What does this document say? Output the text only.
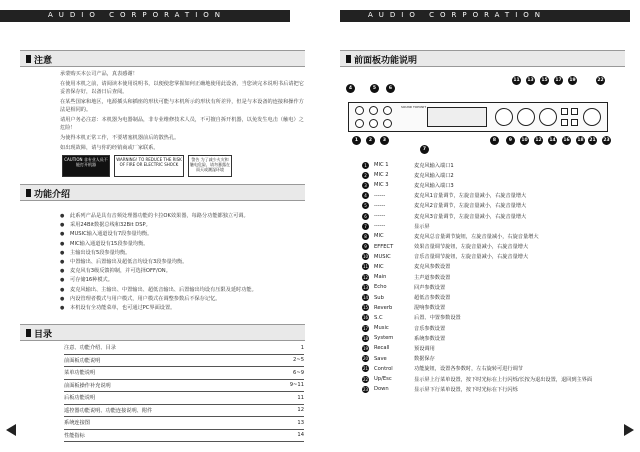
AUDIO CORPORATION
注意

承蒙购买本公司产品，真表感谢！

在使用本机之前，请阅读本使用说明书，以便使您掌握如何正确地使用此设备，当您读完本说明书后请把它妥善保存好，以备日后查阅。

在某些国家和地区，电源插头和插座的形状可能与本机所示的形状有所差异，但是与本设备的连接和操作方法是相同的。

请用户务必注意：本机器为电器制品，非专业维修技术人员，不可擅自拆开机器，以免发生电击（触电）之危险！

为使得本机正常工作，不要堵塞机器前后的散热孔。

如出现故障，请与你的经销商或厂家联系。

CAUTION 非专业人员不能打开机器
WARNING! TO REDUCE THE RISK OF FIRE OR ELECTRIC SHOCK
警告 为了减少火灾和触电危险，请勿暴露在雨天或潮湿环境
功能介绍
● 此系列产品是具有音频处理器功能的卡拉OK效果器，每路分功能都独立可调。
● 采用24Bit数据总线和32Bit DSP。
● MUSIC输入通道设有7段参量均衡。
● MIC输入通道设有15段参量均衡。
● 主输出设有5段参量均衡。
● 中置输出、后置输出及超低音均设有3段参量均衡。
● 麦克风有3级反馈抑制，并可选择OFF/ON。
● 可存储16种模式。
● 麦克风输出、主输出、中置输出、超低音输出、后置输出均设有压限及延时功能。
● 内设管理者模式与用户模式，用户模式在调整参数后不保存记忆。
● 本机设有全功能菜单，也可通过PC界面设置。
目录
注意、功能介绍、目录	1
前面板功能说明	2~5
菜单功能说明	6~9
前面板操作补充说明	9~11
后板功能说明	11
遥控器功能说明、功能连接说明、附件	12
系统连接图	13
性能指标	14
AUDIO CORPORATION
前面板功能说明
SOUND TOPUNIT
4	5	6
11	13	15	17	19	22
1	2	3
7
8	9	10	12	14	16	18	21	23
1	MIC 1	麦克风输入端口1
2	MIC 2	麦克风输入端口2
3	MIC 3	麦克风输入端口3
4	------	麦克风1音量调节，左旋音量减小，右旋音量增大
5	------	麦克风2音量调节，左旋音量减小，右旋音量增大
6	------	麦克风3音量调节，左旋音量减小，右旋音量增大
7	------	显示屏
8	MIC	麦克风总音量调节旋钮，左旋音量减小，右旋音量增大
9	EFFECT	效果音量调节旋钮，左旋音量减小，右旋音量增大
10 MUSIC	音乐音量调节旋钮，左旋音量减小，右旋音量增大
11 MIC	麦克风参数设置
12 Main	主声道参数设置
13 Echo	回声参数设置
14 Sub	超低音参数设置
15 Reverb	混响参数设置
16 S.C	后置、中置参数设置
17 Music	音乐参数设置
18 System	系统参数设置
19 Recall	预设调用
20 Save	数据保存
21 Control	功能旋钮，设置各参数时，左右旋转可进行调节
22 Up/Esc	显示屏上行菜单设置，按下时光标在上行闪烁/长按为退出设置，退回到主界面
23 Down	显示屏下行菜单设置，按下时光标在下行闪烁
